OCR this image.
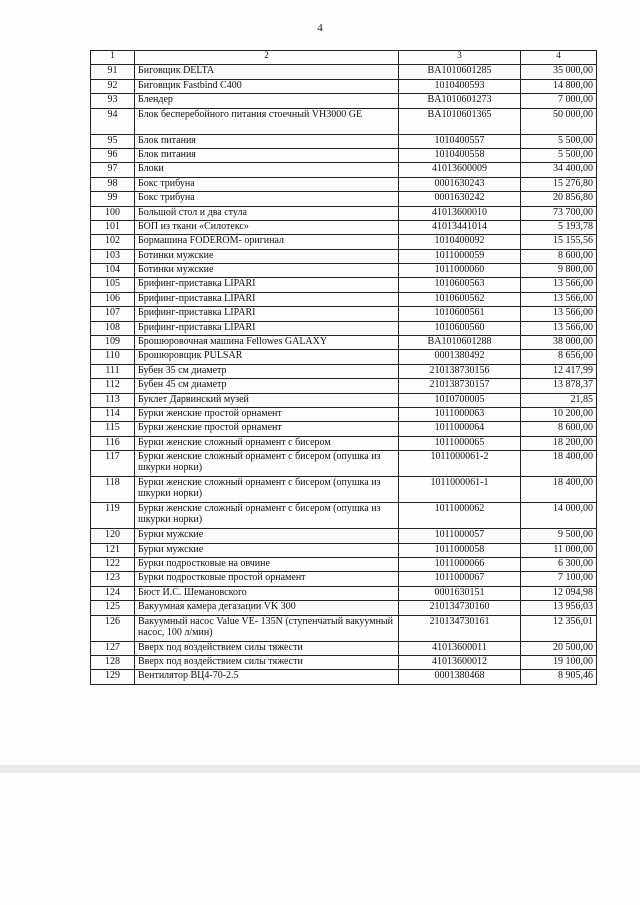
4
1	2	3	4
91	Биговщик DELTA	BA1010601285	35 000,00
92	Биговщик Fastbind C400	1010400593	14 800,00
93	Блендер	BA1010601273	7 000,00
94	Блок бесперебойного питания стоечный VH3000 GE	BA1010601365	50 000,00
95	Блок питания	1010400557	5 500,00
96	Блок питания	1010400558	5 500,00
97	Блоки	41013600009	34 400,00
98	Бокс трибуна	0001630243	15 276,80
99	Бокс трибуна	0001630242	20 856,80
100	Большой стол и два стула	41013600010	73 700,00
101	БОП из ткани «Силотекс»	41013441014	5 193,78
102	Бормашина FODEROM- оригинал	1010400092	15 155,56
103	Ботинки мужские	1011000059	8 600,00
104	Ботинки мужские	1011000060	9 800,00
105	Брифинг-приставка LIPARI	1010600563	13 566,00
106	Брифинг-приставка LIPARI	1010600562	13 566,00
107	Брифинг-приставка LIPARI	1010600561	13 566,00
108	Брифинг-приставка LIPARI	1010600560	13 566,00
109	Брошюровочная машина Fellowes GALAXY	BA1010601288	38 000,00
110	Брошюровщик PULSAR	0001380492	8 656,00
111	Бубен 35 см диаметр	210138730156	12 417,99
112	Бубен 45 см диаметр	210138730157	13 878,37
113	Буклет Дарвинский музей	1010700005	21,85
114	Бурки женские простой орнамент	1011000063	10 200,00
115	Бурки женские простой орнамент	1011000064	8 600,00
116	Бурки женские сложный орнамент с бисером	1011000065	18 200,00
117	Бурки женские сложный орнамент с бисером (опушка из шкурки норки)	1011000061-2	18 400,00
118	Бурки женские сложный орнамент с бисером (опушка из шкурки норки)	1011000061-1	18 400,00
119	Бурки женские сложный орнамент с бисером (опушка из шкурки норки)	1011000062	14 000,00
120	Бурки мужские	1011000057	9 500,00
121	Бурки мужские	1011000058	11 000,00
122	Бурки подростковые на овчине	1011000066	6 300,00
123	Бурки подростковые простой орнамент	1011000067	7 100,00
124	Бюст И.С. Шемановского	0001630151	12 094,98
125	Вакуумная камера дегазации VK 300	210134730160	13 956,03
126	Вакуумный насос Value VE- 135N (ступенчатый вакуумный насос, 100 л/мин)	210134730161	12 356,01
127	Вверх под воздействием силы тяжести	41013600011	20 500,00
128	Вверх под воздействием силы тяжести	41013600012	19 100,00
129	Вентилятор ВЦ4-70-2.5	0001380468	8 905,46
